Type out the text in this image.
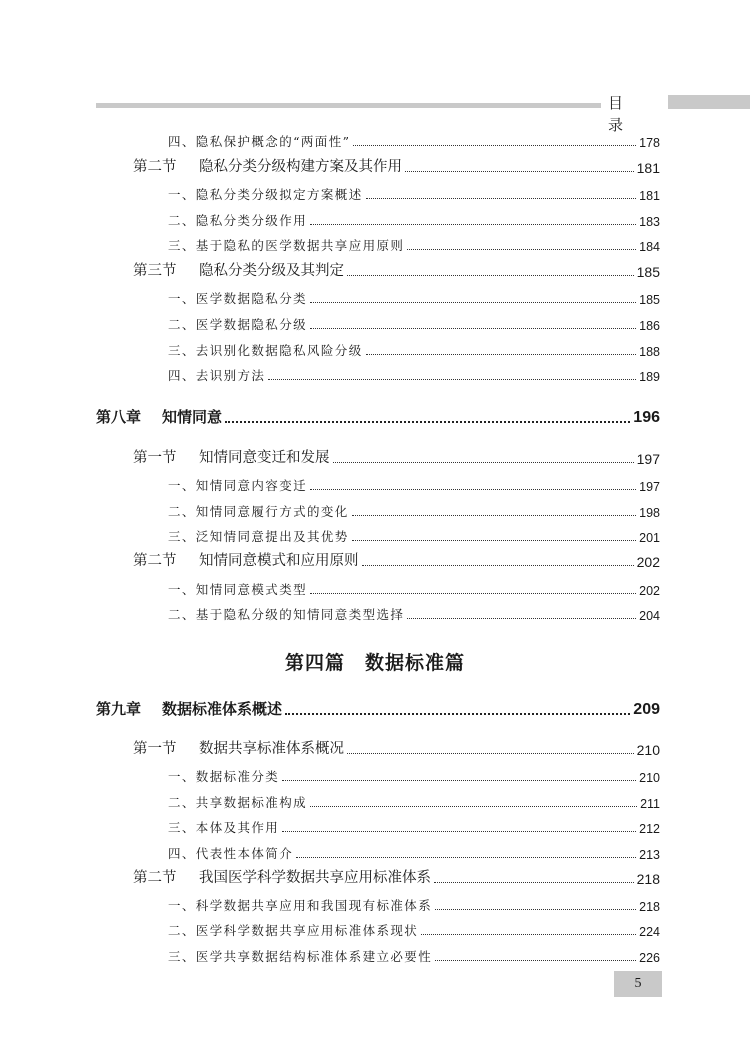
目 录
四、隐私保护概念的“两面性”	178
第二节 隐私分类分级构建方案及其作用	181
一、隐私分类分级拟定方案概述	181
二、隐私分类分级作用	183
三、基于隐私的医学数据共享应用原则	184
第三节 隐私分类分级及其判定	185
一、医学数据隐私分类	185
二、医学数据隐私分级	186
三、去识别化数据隐私风险分级	188
四、去识别方法	189
第八章 知情同意	196
第一节 知情同意变迁和发展	197
一、知情同意内容变迁	197
二、知情同意履行方式的变化	198
三、泛知情同意提出及其优势	201
第二节 知情同意模式和应用原则	202
一、知情同意模式类型	202
二、基于隐私分级的知情同意类型选择	204
第四篇 数据标准篇
第九章 数据标准体系概述	209
第一节 数据共享标准体系概况	210
一、数据标准分类	210
二、共享数据标准构成	211
三、本体及其作用	212
四、代表性本体简介	213
第二节 我国医学科学数据共享应用标准体系	218
一、科学数据共享应用和我国现有标准体系	218
二、医学科学数据共享应用标准体系现状	224
三、医学共享数据结构标准体系建立必要性	226
5
